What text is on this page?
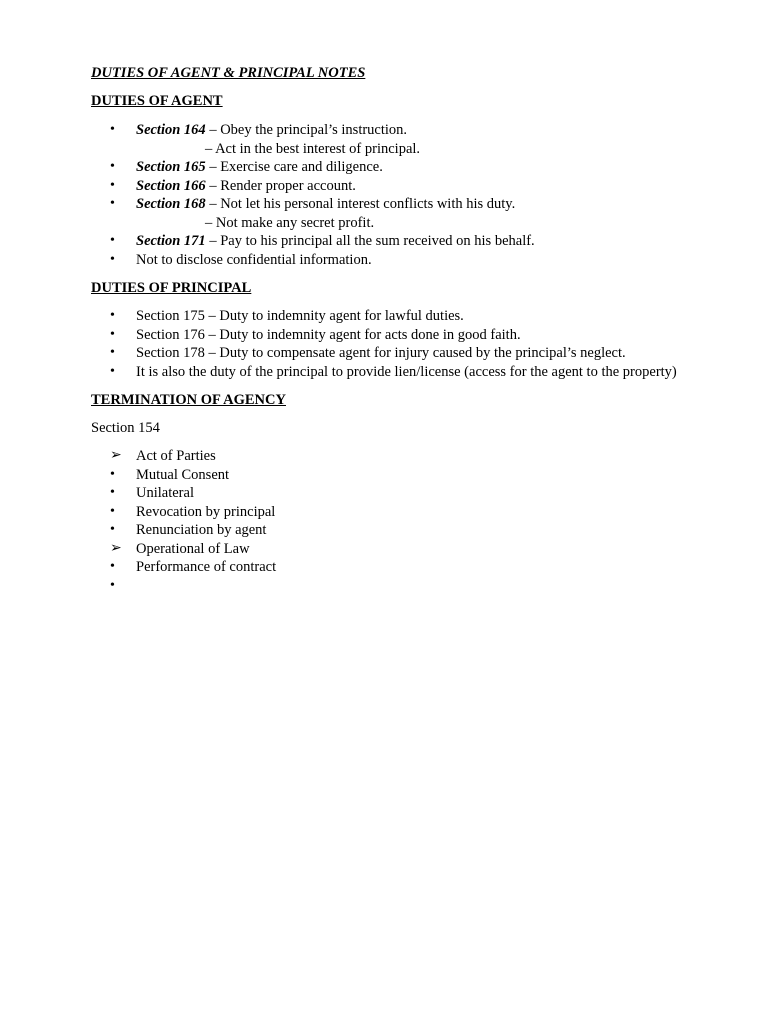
DUTIES OF AGENT & PRINCIPAL NOTES
DUTIES OF AGENT
•	Section 164 – Obey the principal’s instruction.
– Act in the best interest of principal.
•	Section 165 – Exercise care and diligence.
•	Section 166 – Render proper account.
•	Section 168 – Not let his personal interest conflicts with his duty.
– Not make any secret profit.
•	Section 171 – Pay to his principal all the sum received on his behalf.
•	Not to disclose confidential information.
DUTIES OF PRINCIPAL
•	Section 175 – Duty to indemnity agent for lawful duties.
•	Section 176 – Duty to indemnity agent for acts done in good faith.
•	Section 178 – Duty to compensate agent for injury caused by the principal’s neglect.
•	It is also the duty of the principal to provide lien/license (access for the agent to the property)
TERMINATION OF AGENCY
Section 154
➢ Act of Parties
•	Mutual Consent
•	Unilateral
•	Revocation by principal
•	Renunciation by agent
➢ Operational of Law
•	Performance of contract
•
